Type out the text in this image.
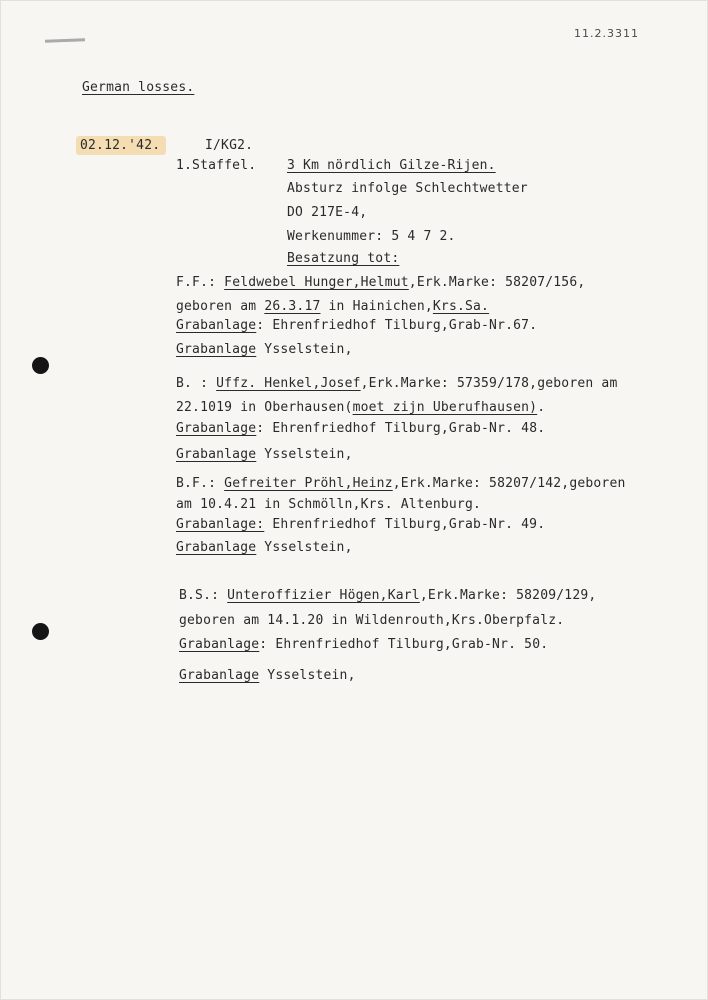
11.2.3311
German losses.
02.12.'42.	I/KG2.
1.Staffel. 3 Km nördlich Gilze-Rijen.
Absturz infolge Schlechtwetter
DO 217E-4,
Werkenummer: 5 4 7 2.
Besatzung tot:
F.F.: Feldwebel Hunger,Helmut,Erk.Marke: 58207/156,
geboren am 26.3.17 in Hainichen,Krs.Sa.
Grabanlage: Ehrenfriedhof Tilburg,Grab-Nr.67.
Grabanlage Ysselstein,
B. : Uffz. Henkel,Josef,Erk.Marke: 57359/178,geboren am
22.1019 in Oberhausen(moet zijn Uberufhausen).
Grabanlage: Ehrenfriedhof Tilburg,Grab-Nr. 48.
Grabanlage Ysselstein,
B.F.: Gefreiter Pröhl,Heinz,Erk.Marke: 58207/142,geboren
am 10.4.21 in Schmölln,Krs. Altenburg.
Grabanlage: Ehrenfriedhof Tilburg,Grab-Nr. 49.
Grabanlage Ysselstein,
B.S.: Unteroffizier Högen,Karl,Erk.Marke: 58209/129,
geboren am 14.1.20 in Wildenrouth,Krs.Oberpfalz.
Grabanlage: Ehrenfriedhof Tilburg,Grab-Nr. 50.
Grabanlage Ysselstein,
